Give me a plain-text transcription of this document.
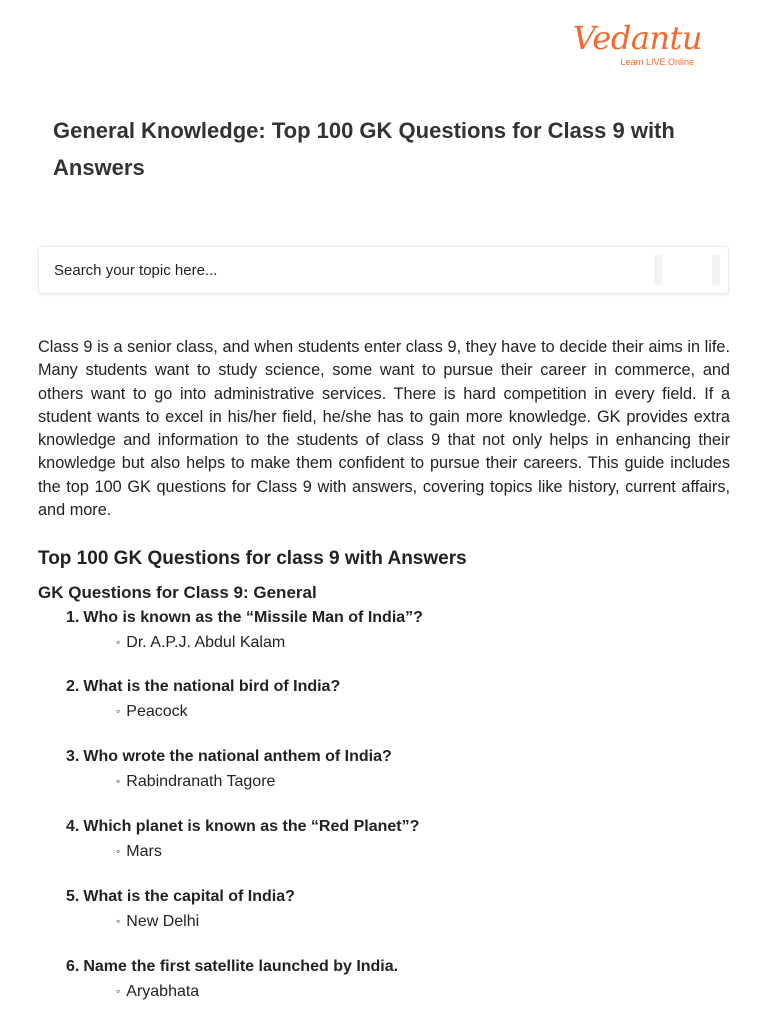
Vedantu
Learn LIVE Online
General Knowledge: Top 100 GK Questions for Class 9 with Answers
Search your topic here...

Class 9 is a senior class, and when students enter class 9, they have to decide their aims in life. Many students want to study science, some want to pursue their career in commerce, and others want to go into administrative services. There is hard competition in every field. If a student wants to excel in his/her field, he/she has to gain more knowledge. GK provides extra knowledge and information to the students of class 9 that not only helps in enhancing their knowledge but also helps to make them confident to pursue their careers. This guide includes the top 100 GK questions for Class 9 with answers, covering topics like history, current affairs, and more.

Top 100 GK Questions for class 9 with Answers
GK Questions for Class 9: General
1. Who is known as the “Missile Man of India”?
◦ Dr. A.P.J. Abdul Kalam
2. What is the national bird of India?
◦ Peacock
3. Who wrote the national anthem of India?
◦ Rabindranath Tagore
4. Which planet is known as the “Red Planet”?
◦ Mars
5. What is the capital of India?
◦ New Delhi
6. Name the first satellite launched by India.
◦ Aryabhata
